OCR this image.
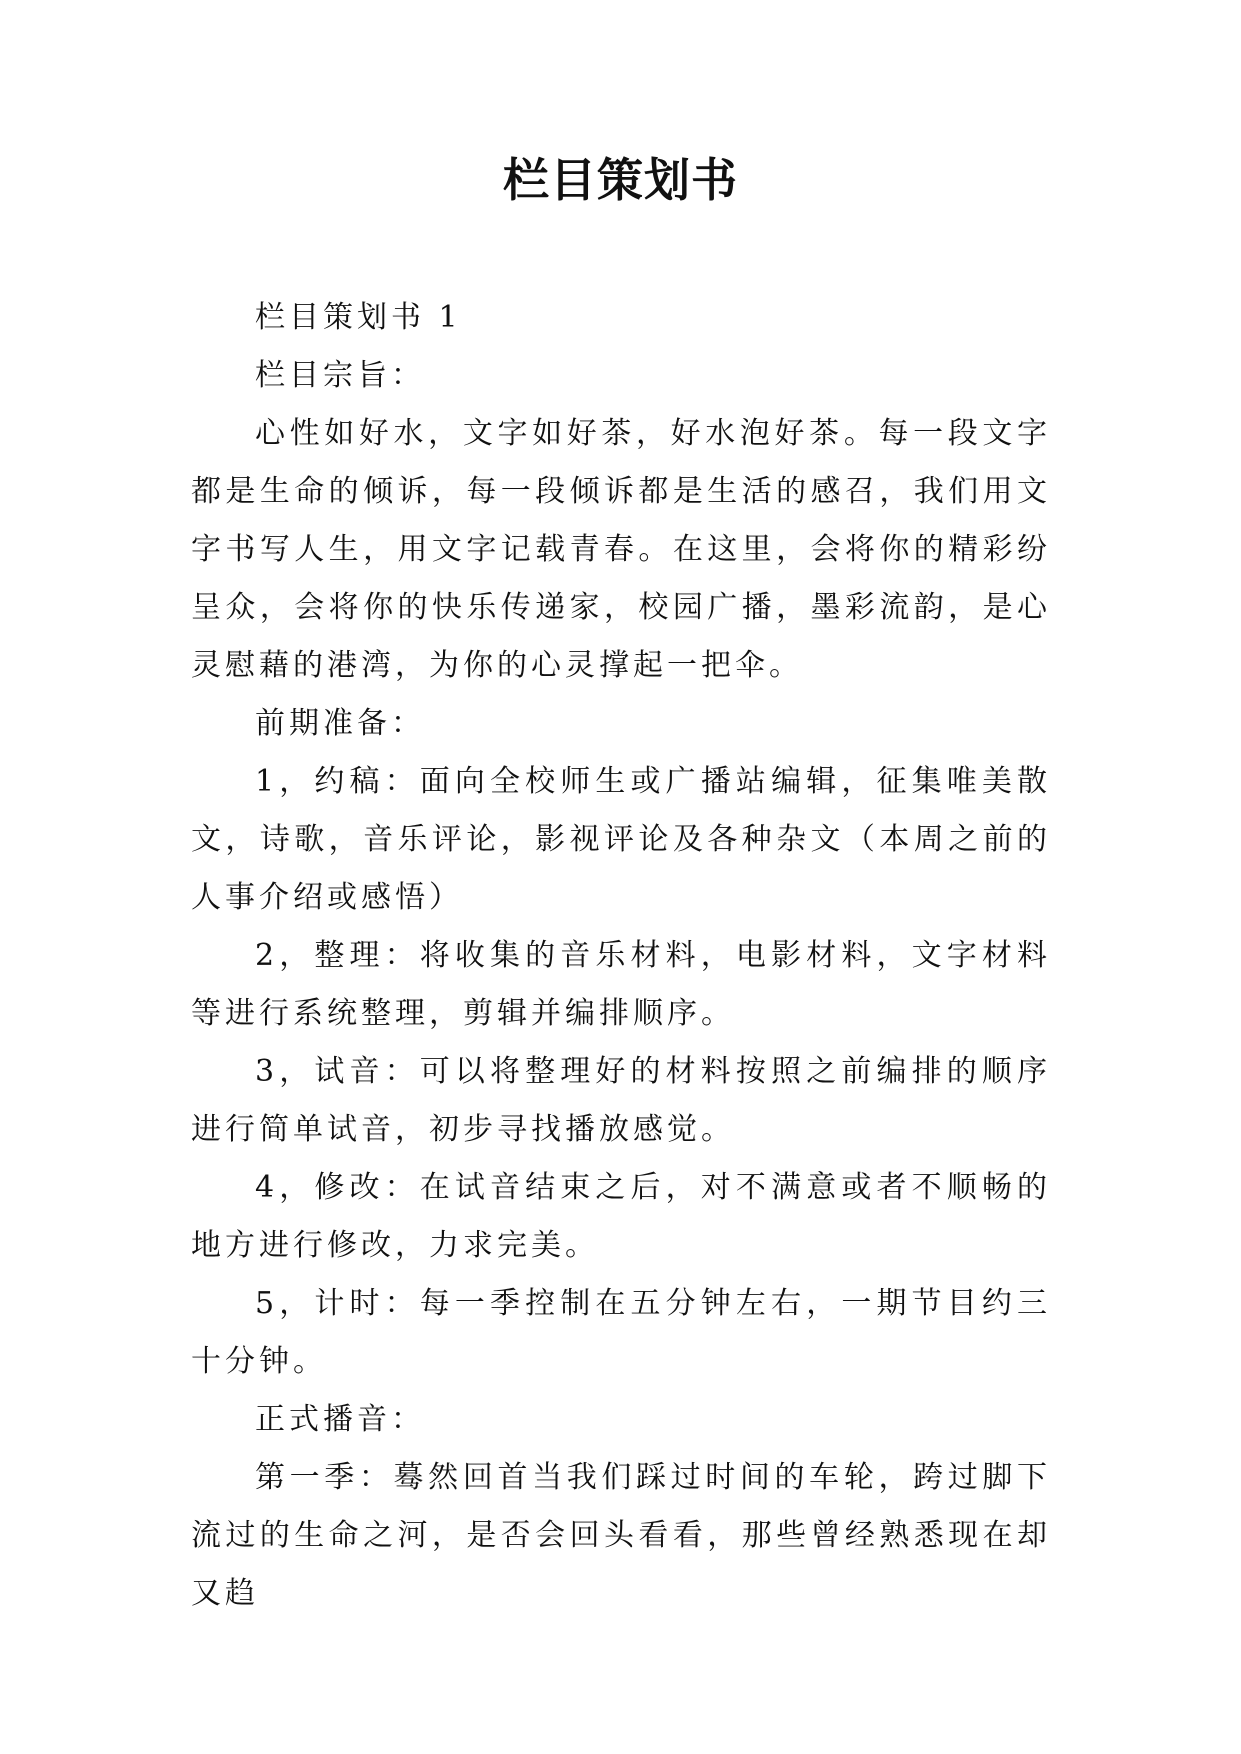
栏目策划书

栏目策划书 1

栏目宗旨：

心性如好水，文字如好茶，好水泡好茶。每一段文字都是生命的倾诉，每一段倾诉都是生活的感召，我们用文字书写人生，用文字记载青春。在这里，会将你的精彩纷呈众，会将你的快乐传递家，校园广播，墨彩流韵，是心灵慰藉的港湾，为你的心灵撑起一把伞。

前期准备：

1，约稿：面向全校师生或广播站编辑，征集唯美散文，诗歌，音乐评论，影视评论及各种杂文（本周之前的人事介绍或感悟）

2，整理：将收集的音乐材料，电影材料，文字材料等进行系统整理，剪辑并编排顺序。

3，试音：可以将整理好的材料按照之前编排的顺序进行简单试音，初步寻找播放感觉。

4，修改：在试音结束之后，对不满意或者不顺畅的地方进行修改，力求完美。

5，计时：每一季控制在五分钟左右，一期节目约三十分钟。

正式播音：

第一季：蓦然回首当我们踩过时间的车轮，跨过脚下流过的生命之河，是否会回头看看，那些曾经熟悉现在却又趋
